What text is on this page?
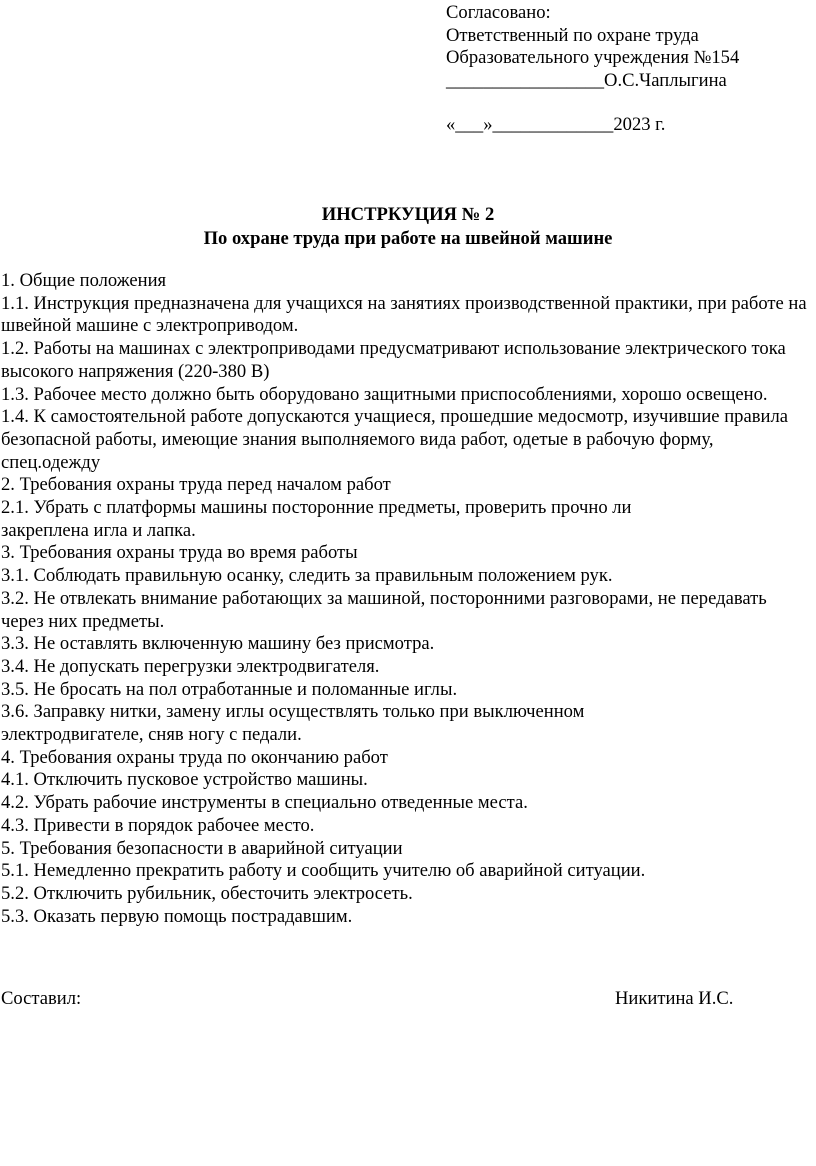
Согласовано:
Ответственный по охране труда
Образовательного учреждения №154
_________________О.С.Чаплыгина
«___»_____________2023 г.
ИНСТРКУЦИЯ № 2
По охране труда при работе на швейной машине
1. Общие положения
1.1. Инструкция предназначена для учащихся на занятиях производственной практики, при работе на швейной машине с электроприводом.
1.2. Работы на машинах с электроприводами предусматривают использование электрического тока высокого напряжения (220-380 В)
1.3. Рабочее место должно быть оборудовано защитными приспособлениями, хорошо освещено.
1.4. К самостоятельной работе допускаются учащиеся, прошедшие медосмотр, изучившие правила безопасной работы, имеющие знания выполняемого вида работ, одетые в рабочую форму, спец.одежду
2. Требования охраны труда перед началом работ
2.1. Убрать с платформы машины посторонние предметы, проверить прочно ли
закреплена игла и лапка.
3. Требования охраны труда во время работы
3.1. Соблюдать правильную осанку, следить за правильным положением рук.
3.2. Не отвлекать внимание работающих за машиной, посторонними разговорами, не передавать через них предметы.
3.3. Не оставлять включенную машину без присмотра.
3.4. Не допускать перегрузки электродвигателя.
3.5. Не бросать на пол отработанные и поломанные иглы.
3.6. Заправку нитки, замену иглы осуществлять только при выключенном
электродвигателе, сняв ногу с педали.
4. Требования охраны труда по окончанию работ
4.1. Отключить пусковое устройство машины.
4.2. Убрать рабочие инструменты в специально отведенные места.
4.3. Привести в порядок рабочее место.
5. Требования безопасности в аварийной ситуации
5.1. Немедленно прекратить работу и сообщить учителю об аварийной ситуации.
5.2. Отключить рубильник, обесточить электросеть.
5.3. Оказать первую помощь пострадавшим.
Составил:	Никитина И.С.
